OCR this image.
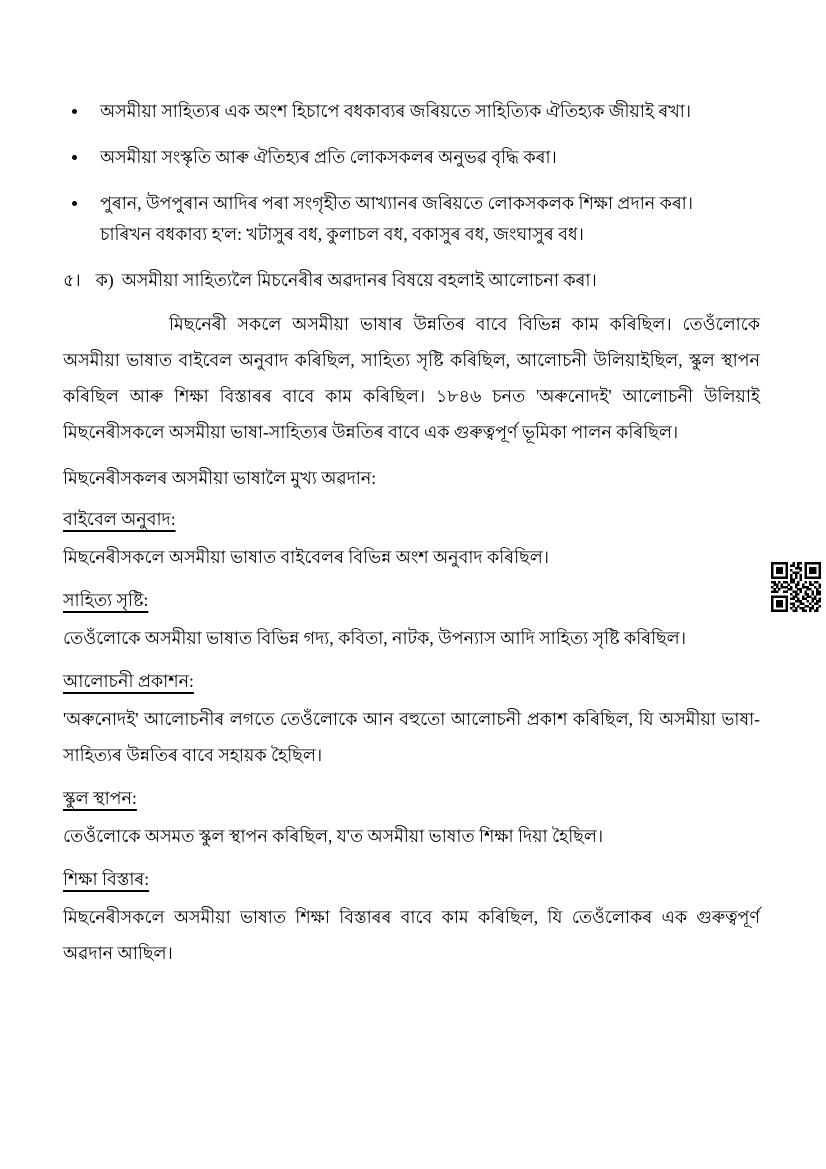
অসমীয়া সাহিত্যৰ এক অংশ হিচাপে বধকাব্যৰ জৰিয়তে সাহিত্যিক ঐতিহ্যক জীয়াই ৰখা।
অসমীয়া সংস্কৃতি আৰু ঐতিহ্যৰ প্ৰতি লোকসকলৰ অনুভৱ বৃদ্ধি কৰা।
পুৰান, উপপুৰান আদিৰ পৰা সংগৃহীত আখ্যানৰ জৰিয়তে লোকসকলক শিক্ষা প্ৰদান কৰা।
চাৰিখন বধকাব্য হ'ল: খটাসুৰ বধ, কুলাচল বধ, বকাসুৰ বধ, জংঘাসুৰ বধ।

৫। ক) অসমীয়া সাহিত্যলৈ মিচনেৰীৰ অৱদানৰ বিষয়ে বহলাই আলোচনা কৰা।

মিছনেৰী সকলে অসমীয়া ভাষাৰ উন্নতিৰ বাবে বিভিন্ন কাম কৰিছিল। তেওঁলোকে অসমীয়া ভাষাত বাইবেল অনুবাদ কৰিছিল, সাহিত্য সৃষ্টি কৰিছিল, আলোচনী উলিয়াইছিল, স্কুল স্থাপন কৰিছিল আৰু শিক্ষা বিস্তাৰৰ বাবে কাম কৰিছিল। ১৮৪৬ চনত 'অৰুনোদই' আলোচনী উলিয়াই মিছনেৰীসকলে অসমীয়া ভাষা-সাহিত্যৰ উন্নতিৰ বাবে এক গুৰুত্বপূৰ্ণ ভূমিকা পালন কৰিছিল।

মিছনেৰীসকলৰ অসমীয়া ভাষালৈ মুখ্য অৱদান:

বাইবেল অনুবাদ:

মিছনেৰীসকলে অসমীয়া ভাষাত বাইবেলৰ বিভিন্ন অংশ অনুবাদ কৰিছিল।

সাহিত্য সৃষ্টি:

তেওঁলোকে অসমীয়া ভাষাত বিভিন্ন গদ্য, কবিতা, নাটক, উপন্যাস আদি সাহিত্য সৃষ্টি কৰিছিল।

আলোচনী প্ৰকাশন:

'অৰুনোদই' আলোচনীৰ লগতে তেওঁলোকে আন বহুতো আলোচনী প্ৰকাশ কৰিছিল, যি অসমীয়া ভাষা-সাহিত্যৰ উন্নতিৰ বাবে সহায়ক হৈছিল।

স্কুল স্থাপন:

তেওঁলোকে অসমত স্কুল স্থাপন কৰিছিল, য'ত অসমীয়া ভাষাত শিক্ষা দিয়া হৈছিল।

শিক্ষা বিস্তাৰ:

মিছনেৰীসকলে অসমীয়া ভাষাত শিক্ষা বিস্তাৰৰ বাবে কাম কৰিছিল, যি তেওঁলোকৰ এক গুৰুত্বপূৰ্ণ অৱদান আছিল।
